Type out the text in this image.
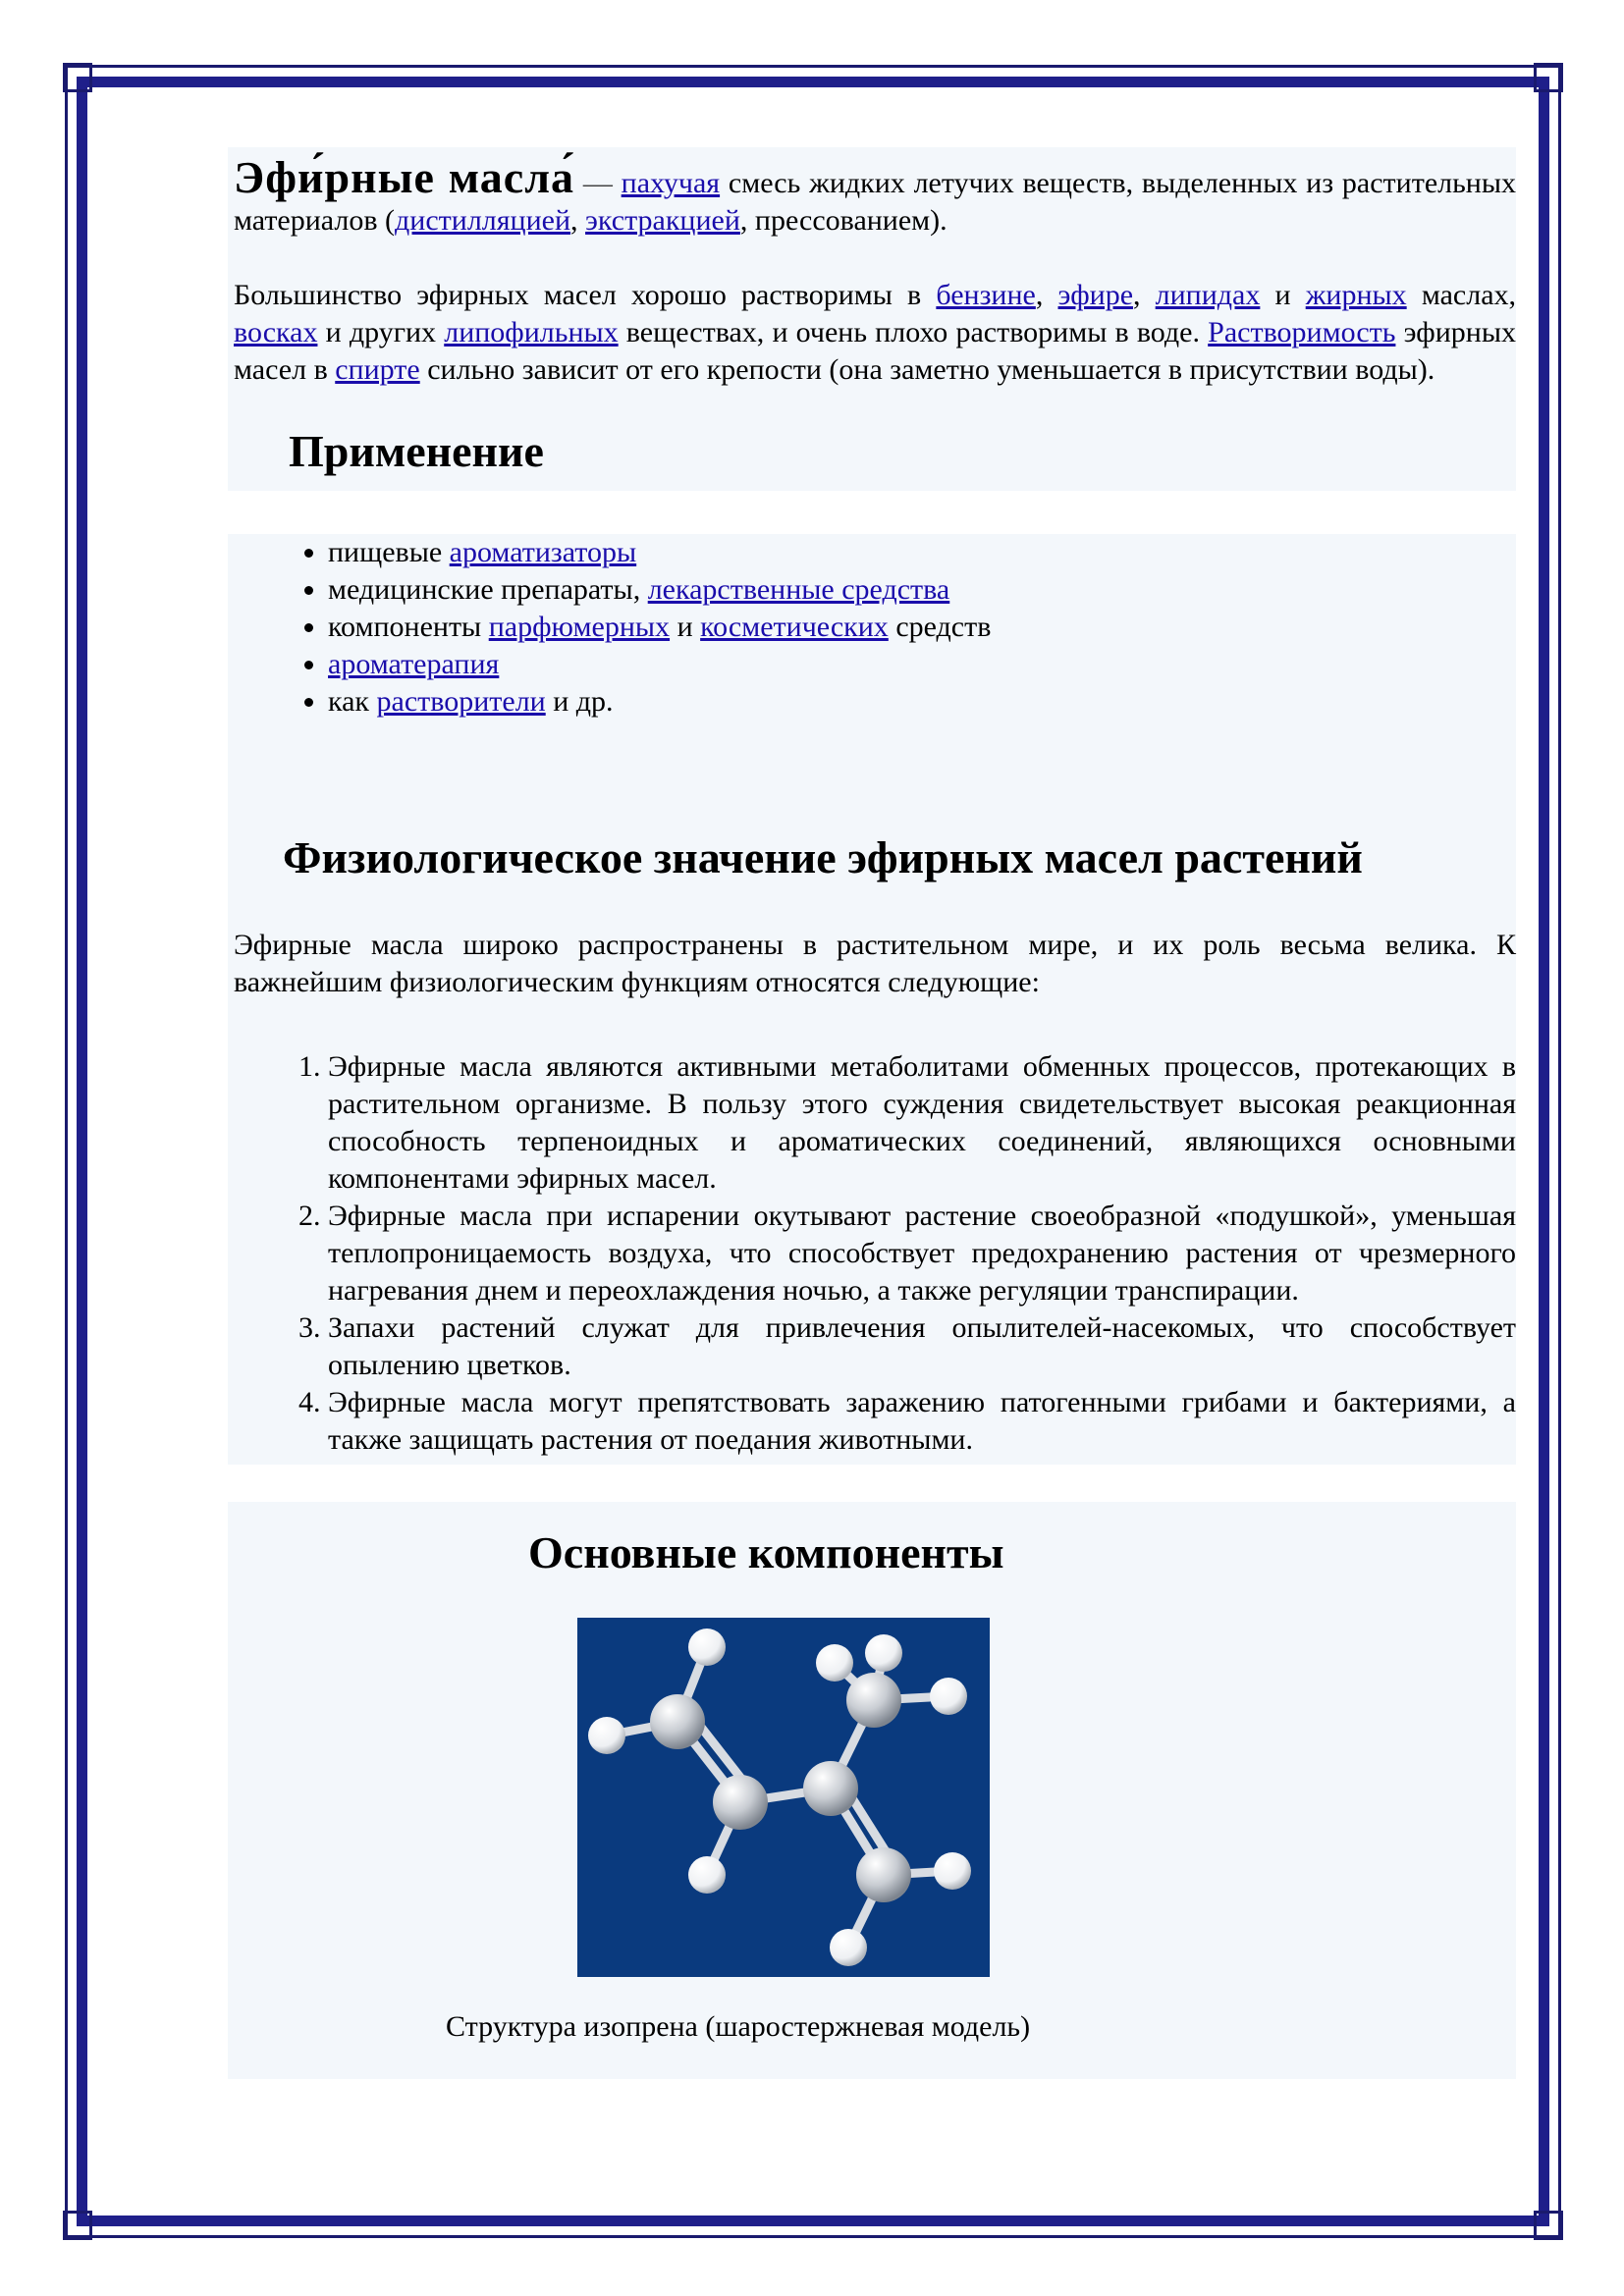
Эфи́рные масла́ — пахучая смесь жидких летучих веществ, выделенных из растительных материалов (дистилляцией, экстракцией, прессованием).

Большинство эфирных масел хорошо растворимы в бензине, эфире, липидах и жирных маслах, восках и других липофильных веществах, и очень плохо растворимы в воде. Растворимость эфирных масел в спирте сильно зависит от его крепости (она заметно уменьшается в присутствии воды).

Применение
• пищевые ароматизаторы
• медицинские препараты, лекарственные средства
• компоненты парфюмерных и косметических средств
• ароматерапия
• как растворители и др.
Физиологическое значение эфирных масел растений

Эфирные масла широко распространены в растительном мире, и их роль весьма велика. К важнейшим физиологическим функциям относятся следующие:

1. Эфирные масла являются активными метаболитами обменных процессов, протекающих в растительном организме. В пользу этого суждения свидетельствует высокая реакционная способность терпеноидных и ароматических соединений, являющихся основными компонентами эфирных масел.
2. Эфирные масла при испарении окутывают растение своеобразной «подушкой», уменьшая теплопроницаемость воздуха, что способствует предохранению растения от чрезмерного нагревания днем и переохлаждения ночью, а также регуляции транспирации.
3. Запахи растений служат для привлечения опылителей-насекомых, что способствует опылению цветков.
4. Эфирные масла могут препятствовать заражению патогенными грибами и бактериями, а также защищать растения от поедания животными.
Основные компоненты

Структура изопрена (шаростержневая модель)
